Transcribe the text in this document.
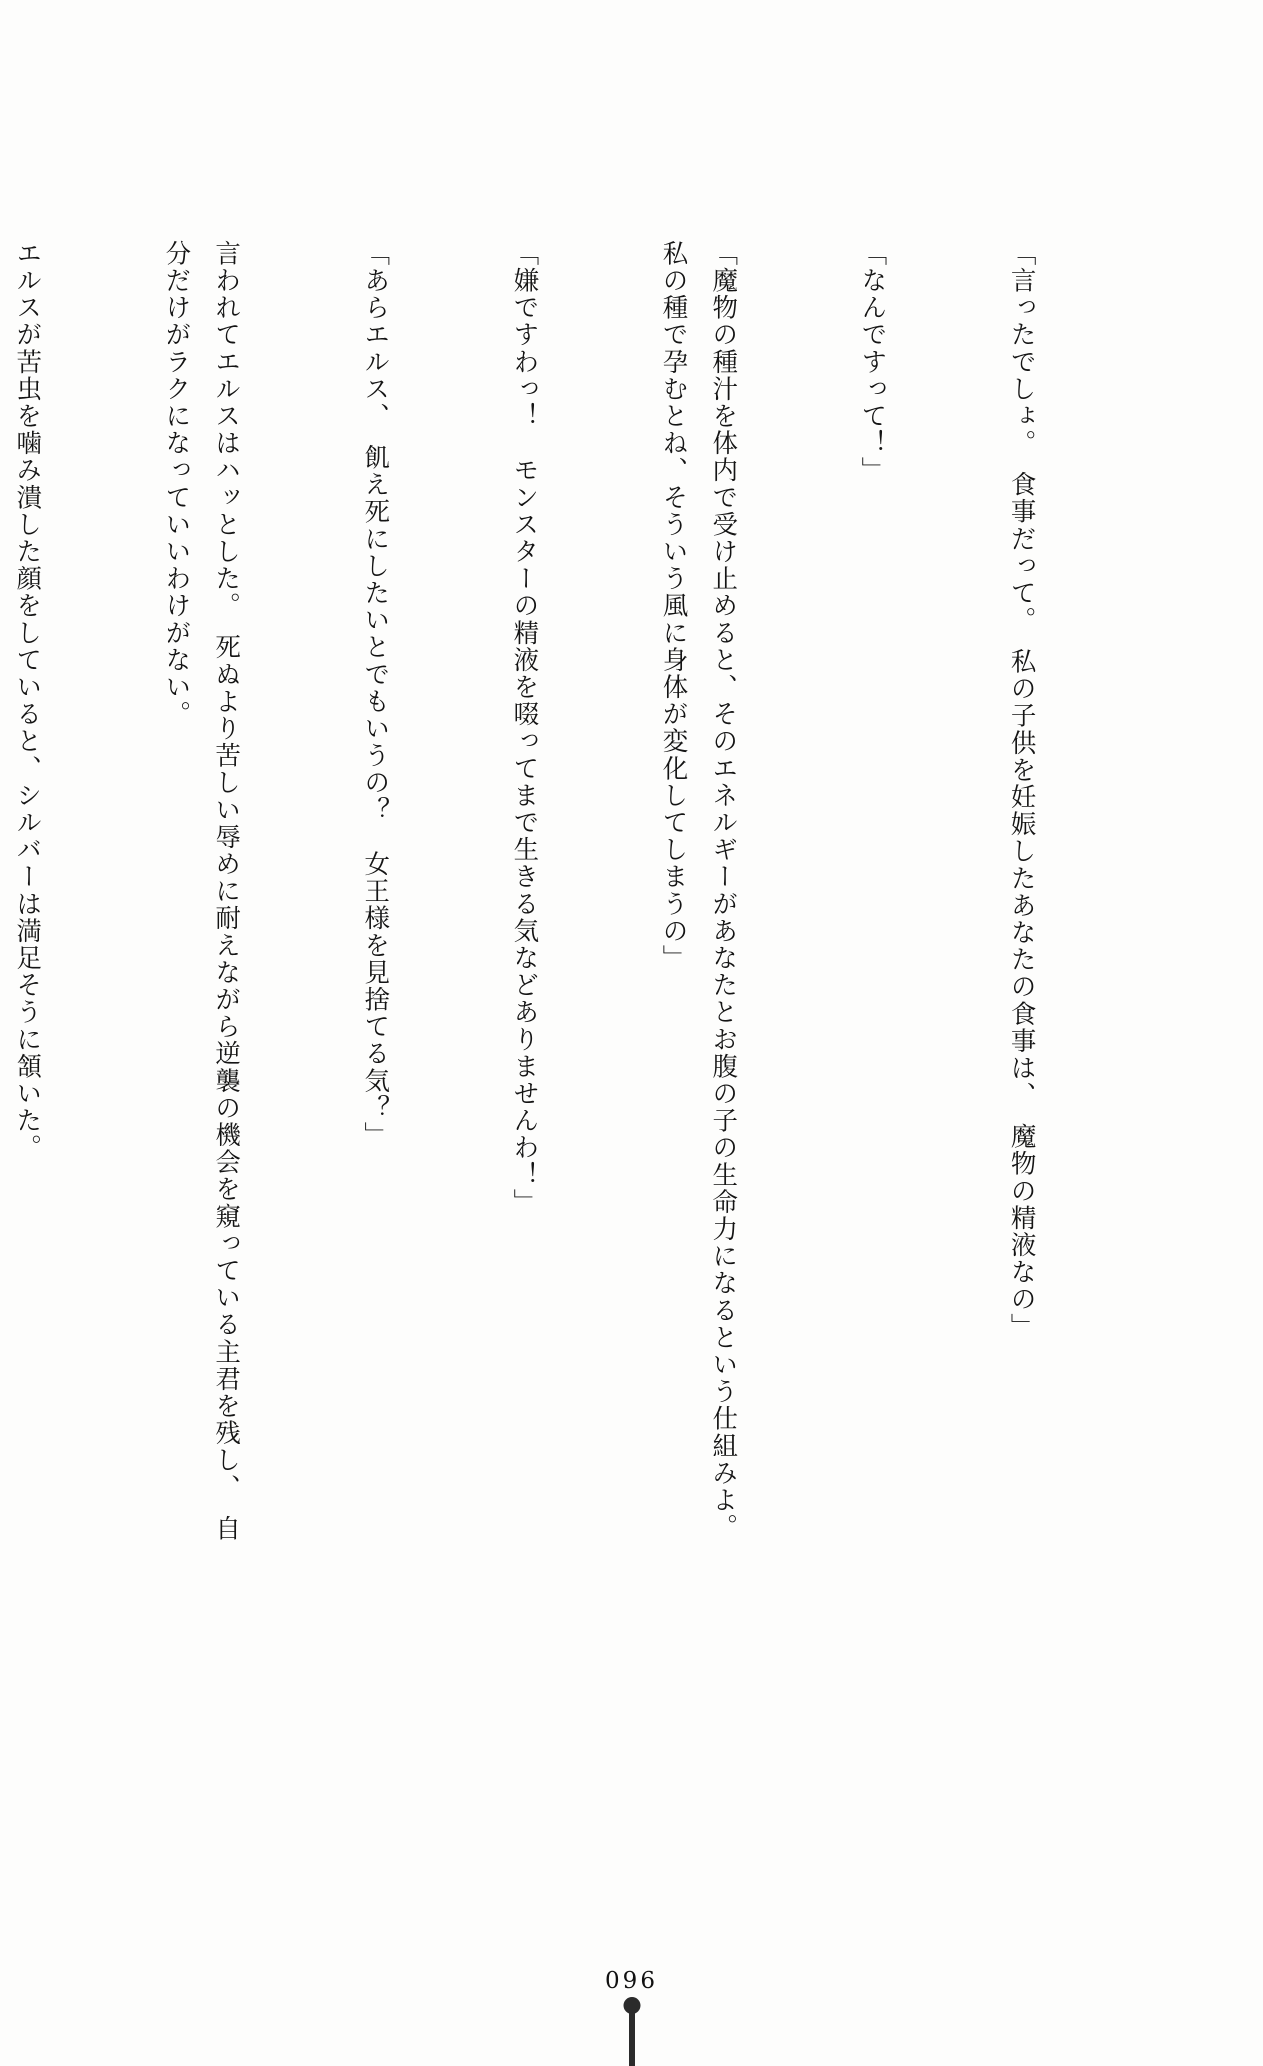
「言ったでしょ。　食事だって。　私の子供を妊娠したあなたの食事は、　魔物の精液なの」

「なんですって！」

「魔物の種汁を体内で受け止めると、そのエネルギーがあなたとお腹の子の生命力になるという仕組みよ。　私の種で孕むとね、そういう風に身体が変化してしまうの」

「嫌ですわっ！　モンスターの精液を啜ってまで生きる気などありませんわ！」

「あらエルス、　飢え死にしたいとでもいうの？　女王様を見捨てる気？」

言われてエルスはハッとした。　死ぬより苦しい辱めに耐えながら逆襲の機会を窺っている主君を残し、　自分だけがラクになっていいわけがない。

エルスが苦虫を噛み潰した顔をしていると、シルバーは満足そうに頷いた。

096
